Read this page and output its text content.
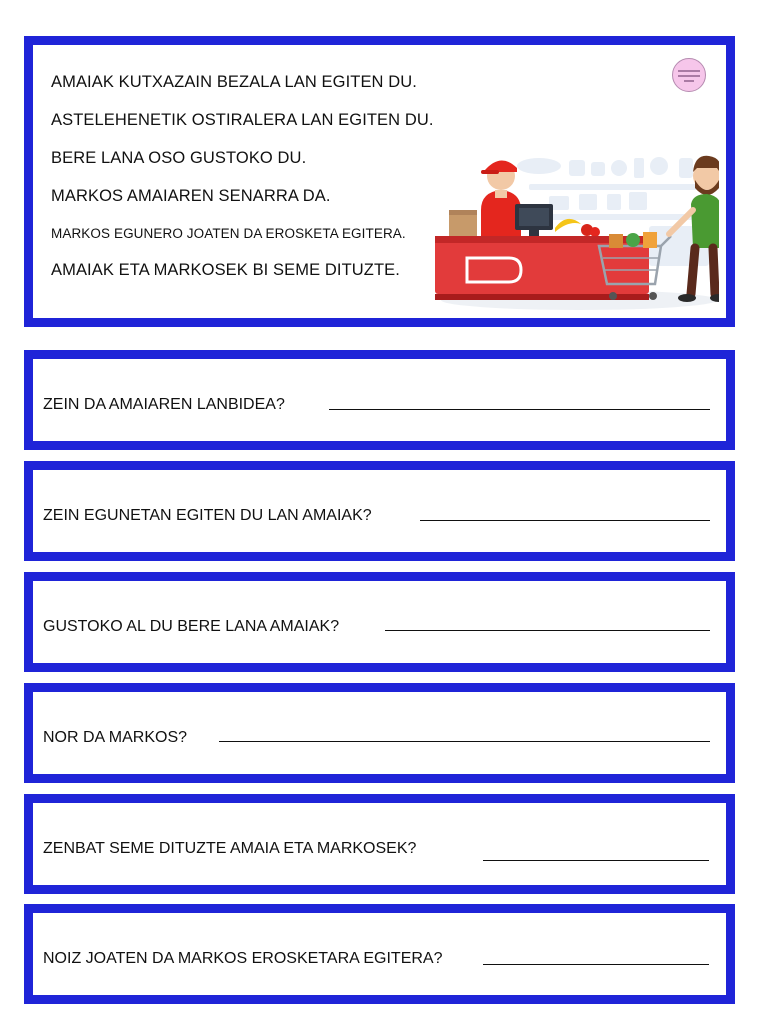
AMAIAK KUTXAZAIN BEZALA LAN EGITEN DU.
ASTELEHENETIK OSTIRALERA LAN EGITEN DU.
BERE LANA OSO GUSTOKO DU.
MARKOS AMAIAREN SENARRA DA.
MARKOS EGUNERO JOATEN DA EROSKETA EGITERA.
AMAIAK ETA MARKOSEK BI SEME DITUZTE.
ZEIN DA AMAIAREN LANBIDEA?
ZEIN EGUNETAN EGITEN DU LAN AMAIAK?
GUSTOKO AL DU BERE LANA AMAIAK?
NOR DA MARKOS?
ZENBAT SEME DITUZTE AMAIA ETA MARKOSEK?
NOIZ JOATEN DA MARKOS EROSKETARA EGITERA?
